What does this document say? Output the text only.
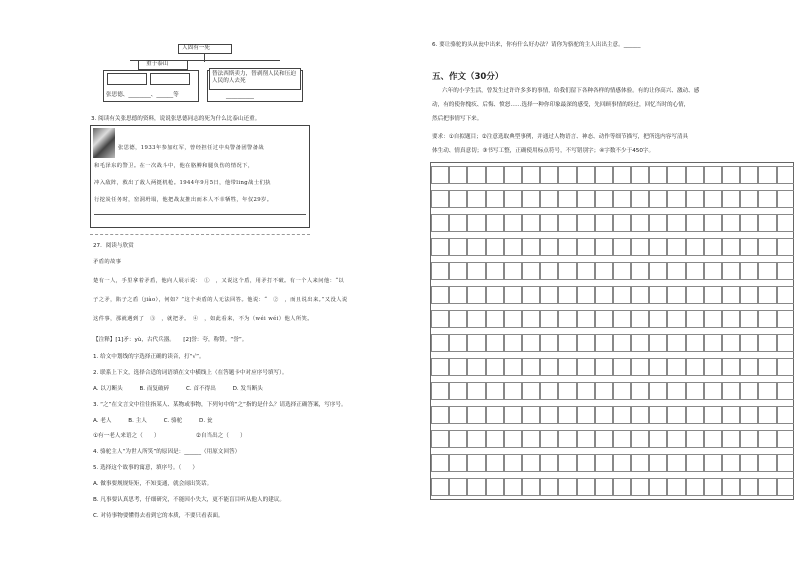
人固有一死
重于泰山
张思德、________、______等
替法西斯卖力，替剥削人民和压迫人民的人去死
__________
3. 阅读有关张思德的资料，说说张思德同志的死为什么比泰山还重。
张思德，1933年参加红军，曾经担任过中央警备团警备战
和毛泽东的警卫。在一次战斗中，他在胳膊和腿负伤的情况下，
冲入敌阵，救出了敌人两挺机枪。1944年9月5日，他带ling战士们执
行挖炭任务时，窑洞坍塌，他把战友推出而本人不幸牺牲，年仅29岁。
27．阅读与欣赏
矛盾的故事
楚有一人，手里拿着矛盾，他向人展示说：　①　，又说这个盾，用矛打不破。有一个人来问他：“以
子之矛，陷子之盾（jiào），何如？”这个卖盾的人无法回答。他说：“　②　，而且说出来。”又没人说
这件事，那就遇到了　③　，就把矛。　④　，如此看来，不为（wéi wéi）他人所笑。
【注释】[1]矛：yù，古代兵器。　　[2]誉：夸，称赞。“誉”。
1. 给文中划线的字选择正确的读音，打“√”。
2. 联系上下文，选择合适的词语填在文中横线上（在答题卡中对应序号填写）。
A. 以刀断头　　　B. 而复破碎　　　C. 首不得出　　　D. 发当断头
3. “之”在文言文中往往指某人、某物或事物，下列句中的“之”指的是什么？请选择正确答案，写序号。
A. 老人　　　B. 主人　　　C. 骆驼　　　D. 瓮
①有一老人来语之（　　）　　　　　　　②自当出之（　　）
4. 骆驼主人“为世人所笑”的原因是：______（用原文回答）
5. 选择这个故事的寓意，填序号。（　　）
A. 做事要规规矩矩，不知变通，就会闹出笑话。
B. 凡事要认真思考，仔细研究，不能因小失大，更不能盲目听从他人的建议。
C. 对待事物要懂得去看到它的本质，不要只看表面。
6. 要让骆驼的头从瓮中出来，你有什么好办法？请你为骆驼的主人出出主意。______
五、作文（30分）
六年的小学生活，曾发生过许许多多的事情，给我们留下各种各样的情感体验。有的让你高兴、激动、感
动，有的使你愧疚、后悔、愤怒……选择一种你印象最深的感受，先回顾事情的经过，回忆当时的心情，
然后把事情写下来。
要求：①自拟题目；②注意选取典型事例，并通过人物语言、神态、动作等细节描写，把所选内容写清具
体生动、情真意切；③书写工整，正确使用标点符号，不写错别字；④字数不少于450字。
